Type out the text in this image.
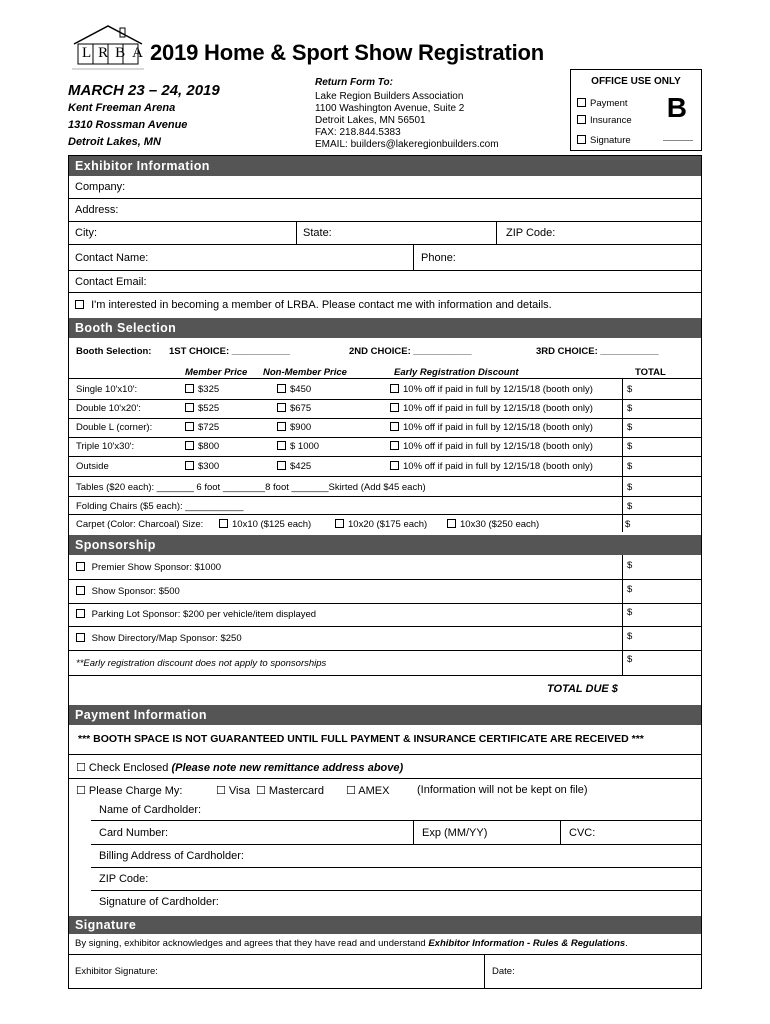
LRBA 2019 Home & Sport Show Registration
MARCH 23 – 24, 2019
Kent Freeman Arena
1310 Rossman Avenue
Detroit Lakes, MN
Return Form To:
Lake Region Builders Association
1100 Washington Avenue, Suite 2
Detroit Lakes, MN 56501
FAX: 218.844.5383
EMAIL: builders@lakeregionbuilders.com
OFFICE USE ONLY
Payment
Insurance
Signature
B
Exhibitor Information
Company:
Address:
City:	State:	ZIP Code:
Contact Name:	Phone:
Contact Email:
I'm interested in becoming a member of LRBA. Please contact me with information and details.
Booth Selection
Booth Selection: 1ST CHOICE: ___________	2ND CHOICE: ___________	3RD CHOICE: ___________
Member Price Non-Member Price	Early Registration Discount	TOTAL
Single 10'x10':	$325	$450	10% off if paid in full by 12/15/18 (booth only)	$
Double 10'x20':	$525	$675	10% off if paid in full by 12/15/18 (booth only)	$
Double L (corner):	$725	$900	10% off if paid in full by 12/15/18 (booth only)	$
Triple 10'x30':	$800	$ 1000	10% off if paid in full by 12/15/18 (booth only)	$
Outside	$300	$425	10% off if paid in full by 12/15/18 (booth only)	$
Tables ($20 each): _______ 6 foot ________8 foot _______Skirted (Add $45 each)	$
Folding Chairs ($5 each): ___________	$
Carpet (Color: Charcoal) Size:	10x10 ($125 each)	10x20 ($175 each)	10x30 ($250 each)	$
Sponsorship
Premier Show Sponsor: $1000	$
Show Sponsor: $500	$
Parking Lot Sponsor: $200 per vehicle/item displayed	$
Show Directory/Map Sponsor: $250	$
**Early registration discount does not apply to sponsorships	$
TOTAL DUE $
Payment Information
*** BOOTH SPACE IS NOT GUARANTEED UNTIL FULL PAYMENT & INSURANCE CERTIFICATE ARE RECEIVED ***
☐ Check Enclosed (Please note new remittance address above)
☐ Please Charge My:	☐ Visa ☐ Mastercard ☐ AMEX	(Information will not be kept on file)
Name of Cardholder:
Card Number:	Exp (MM/YY)	CVC:
Billing Address of Cardholder:
ZIP Code:
Signature of Cardholder:
Signature
By signing, exhibitor acknowledges and agrees that they have read and understand Exhibitor Information - Rules & Regulations.
Exhibitor Signature:	Date:
